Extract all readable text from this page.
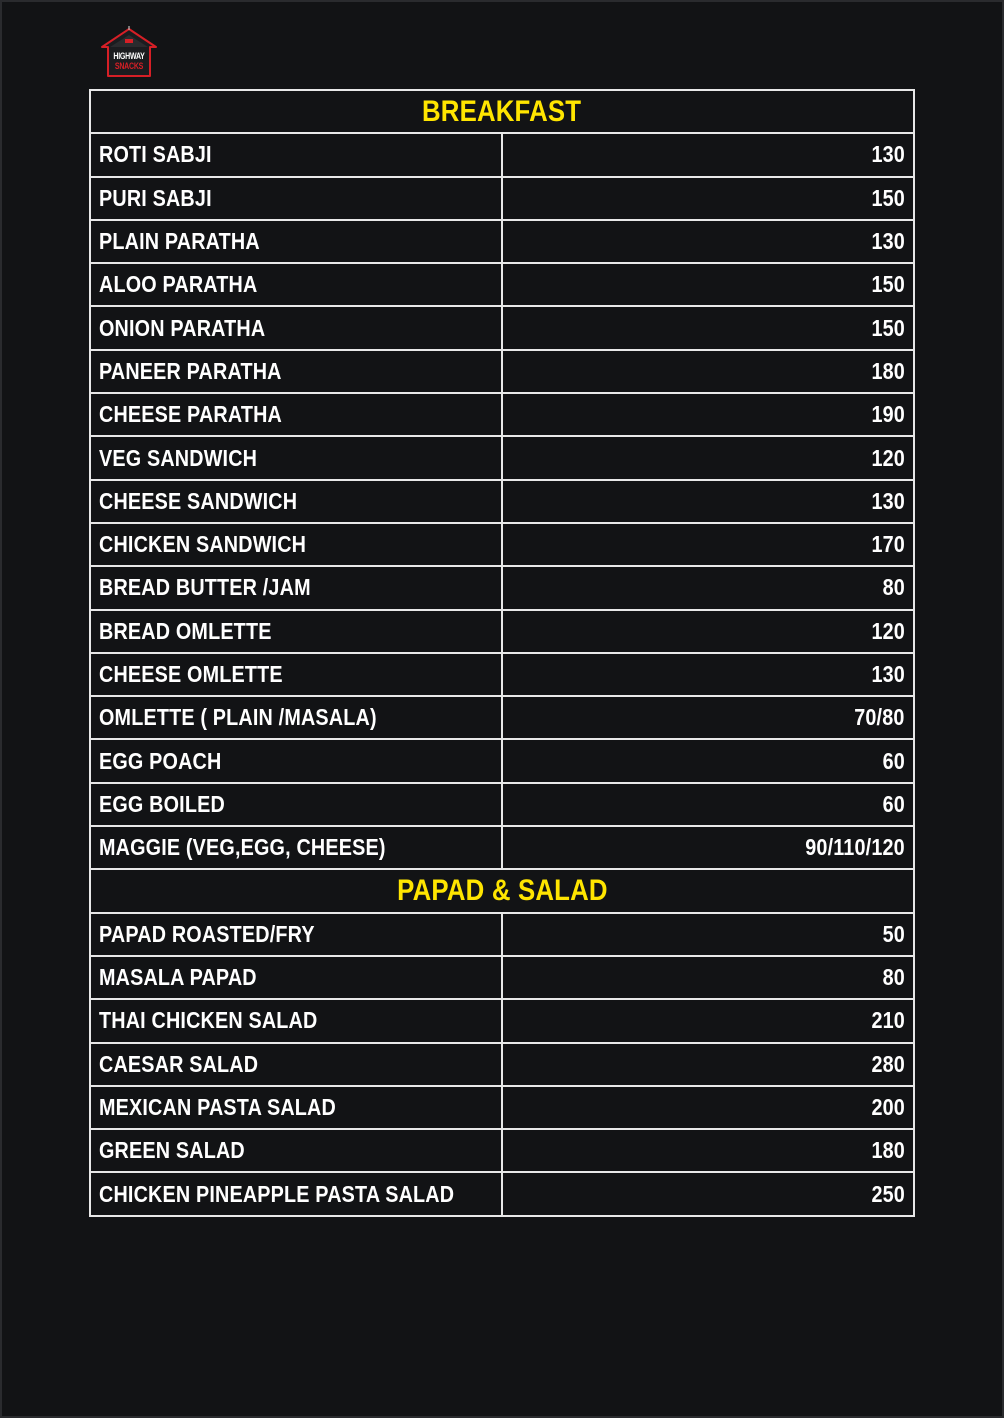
HIGHWAY
SNACKS
BREAKFAST	
ROTI SABJI	130
PURI SABJI	150
PLAIN PARATHA	130
ALOO PARATHA	150
ONION PARATHA	150
PANEER PARATHA	180
CHEESE PARATHA	190
VEG SANDWICH	120
CHEESE SANDWICH	130
CHICKEN SANDWICH	170
BREAD BUTTER /JAM	80
BREAD OMLETTE	120
CHEESE OMLETTE	130
OMLETTE ( PLAIN /MASALA)	70/80
EGG POACH	60
EGG BOILED	60
MAGGIE (VEG,EGG, CHEESE)	90/110/120
PAPAD & SALAD	
PAPAD ROASTED/FRY	50
MASALA PAPAD	80
THAI CHICKEN SALAD	210
CAESAR SALAD	280
MEXICAN PASTA SALAD	200
GREEN SALAD	180
CHICKEN PINEAPPLE PASTA SALAD	250
